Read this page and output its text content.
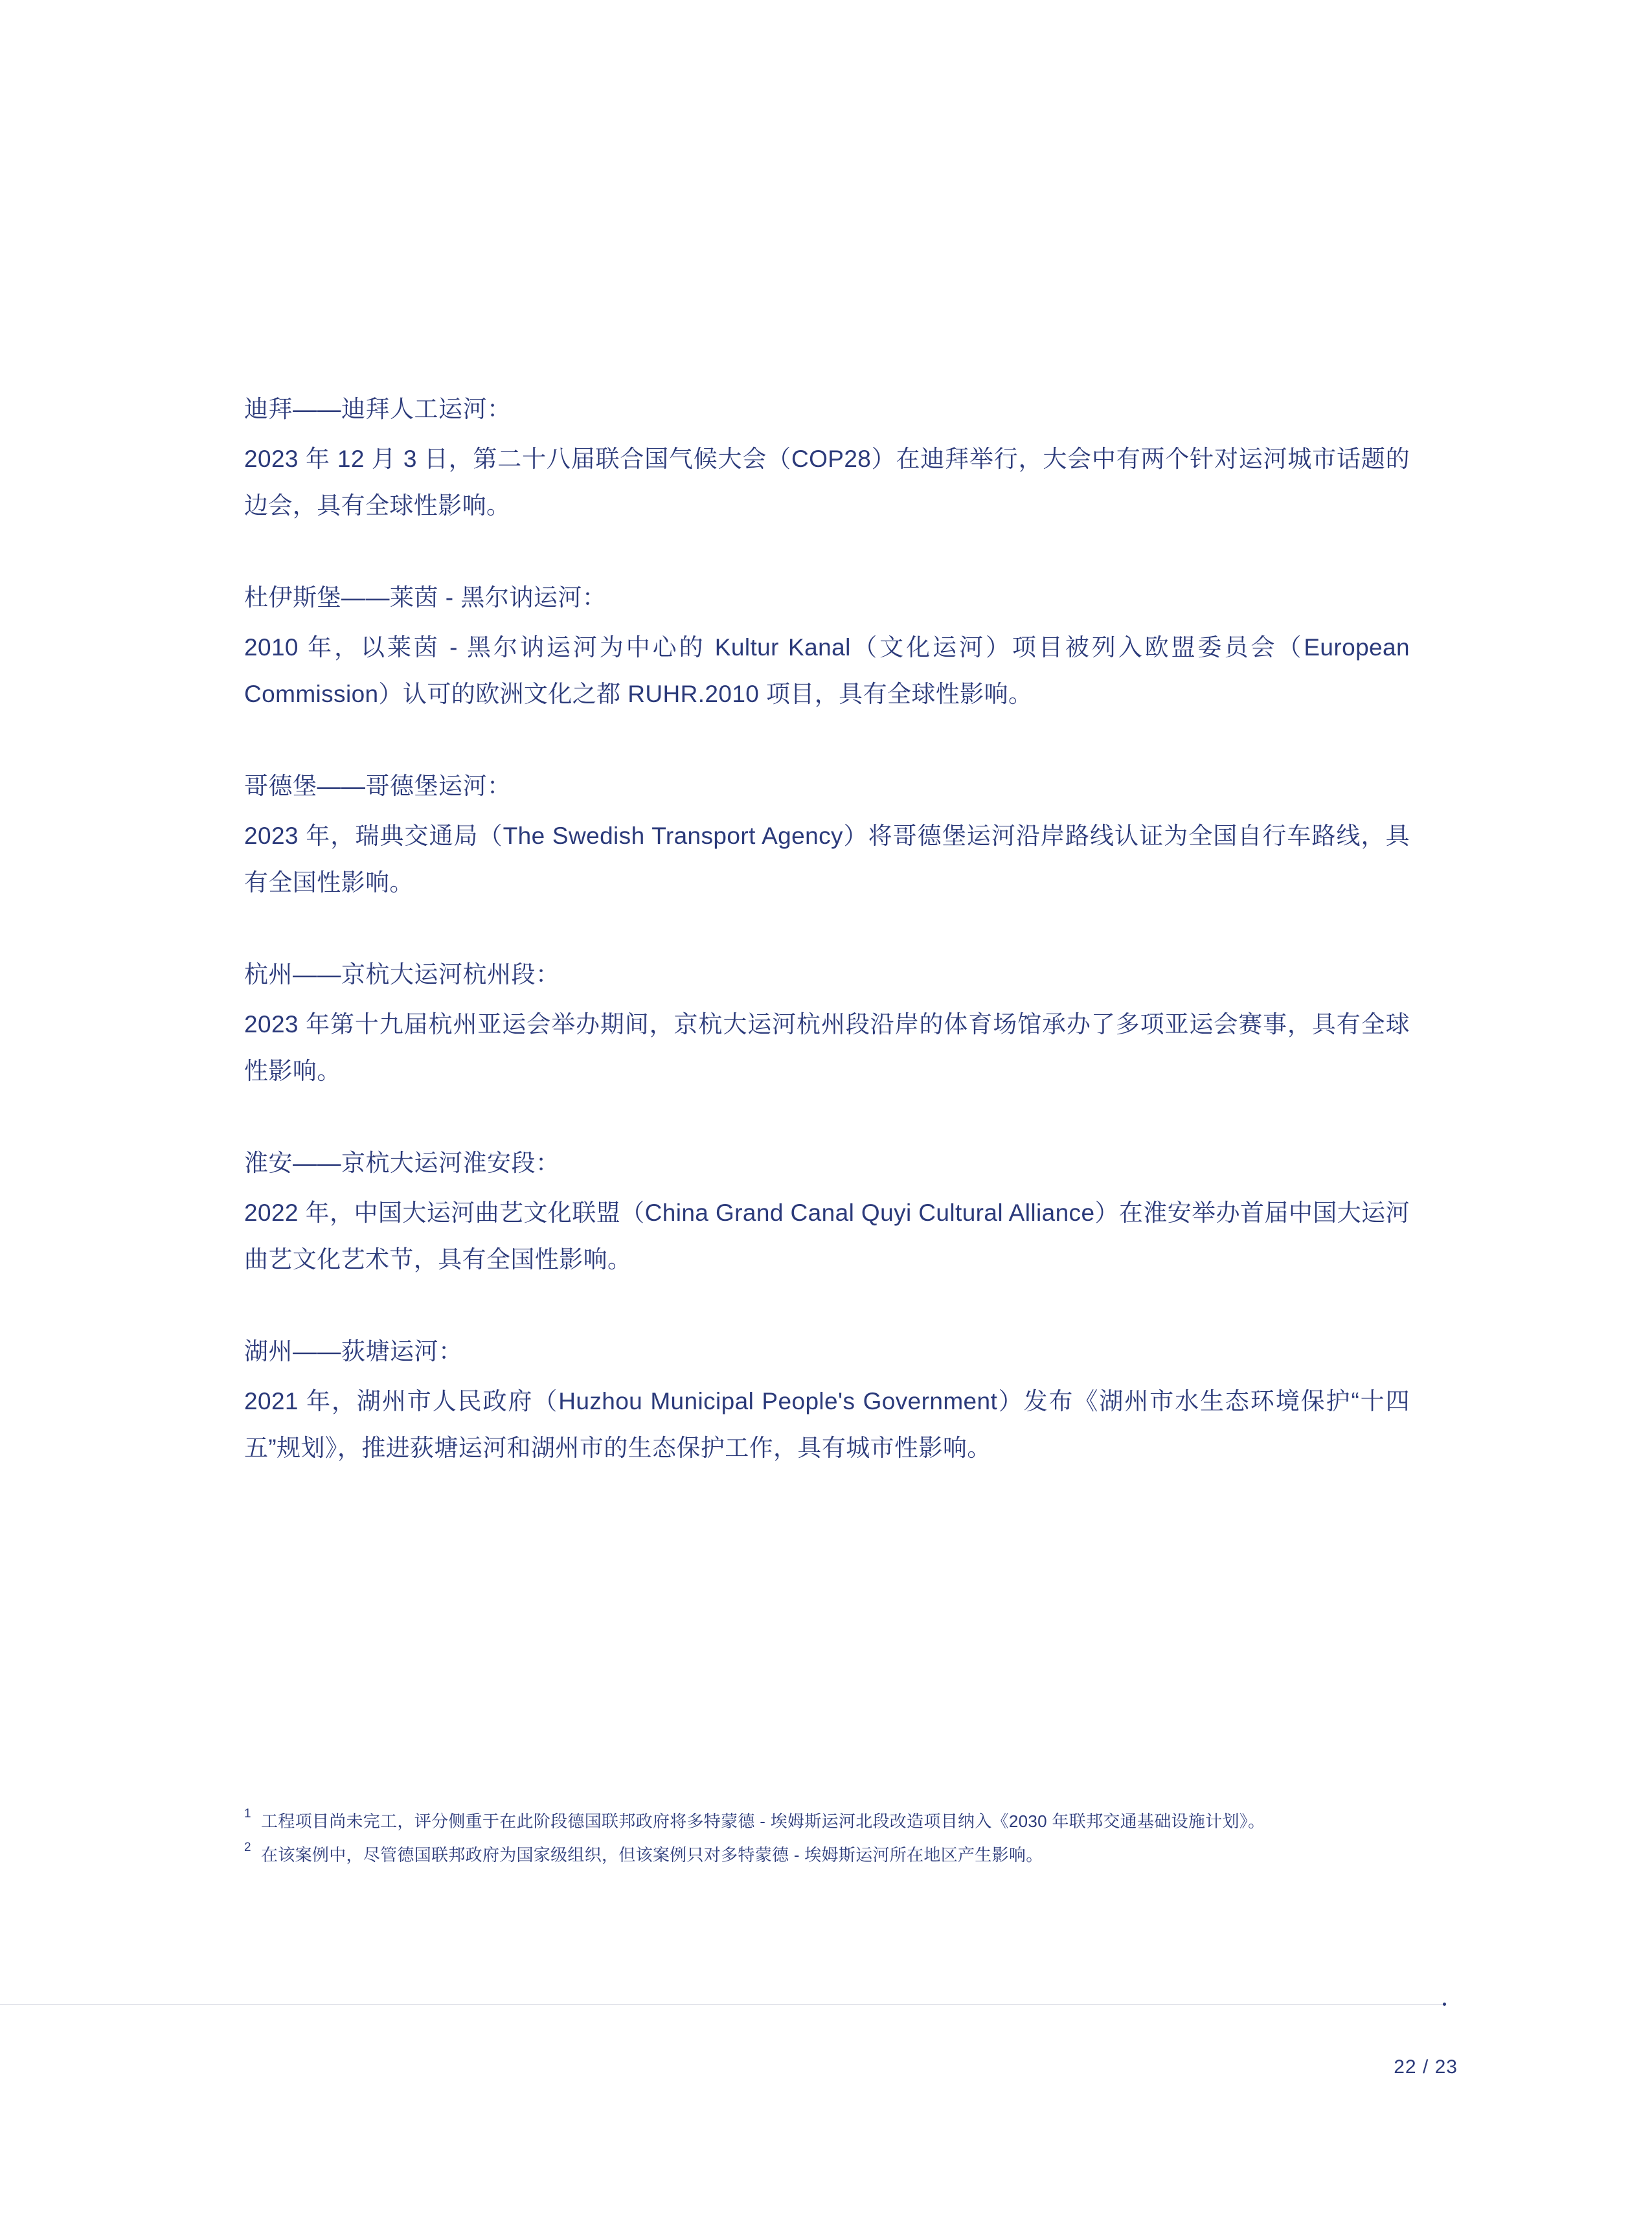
迪拜——迪拜人工运河：
2023 年 12 月 3 日，第二十八届联合国气候大会（COP28）在迪拜举行，大会中有两个针对运河城市话题的边会，具有全球性影响。
杜伊斯堡——莱茵 - 黑尔讷运河：
2010 年，以莱茵 - 黑尔讷运河为中心的 Kultur Kanal（文化运河）项目被列入欧盟委员会（European Commission）认可的欧洲文化之都 RUHR.2010 项目，具有全球性影响。
哥德堡——哥德堡运河：
2023 年，瑞典交通局（The Swedish Transport Agency）将哥德堡运河沿岸路线认证为全国自行车路线，具有全国性影响。
杭州——京杭大运河杭州段：
2023 年第十九届杭州亚运会举办期间，京杭大运河杭州段沿岸的体育场馆承办了多项亚运会赛事，具有全球性影响。
淮安——京杭大运河淮安段：
2022 年，中国大运河曲艺文化联盟（China Grand Canal Quyi Cultural Alliance）在淮安举办首届中国大运河曲艺文化艺术节，具有全国性影响。
湖州——荻塘运河：
2021 年，湖州市人民政府（Huzhou Municipal People's Government）发布《湖州市水生态环境保护“十四五”规划》，推进荻塘运河和湖州市的生态保护工作，具有城市性影响。
1 工程项目尚未完工，评分侧重于在此阶段德国联邦政府将多特蒙德 - 埃姆斯运河北段改造项目纳入《2030 年联邦交通基础设施计划》。
2 在该案例中，尽管德国联邦政府为国家级组织，但该案例只对多特蒙德 - 埃姆斯运河所在地区产生影响。
22 / 23
